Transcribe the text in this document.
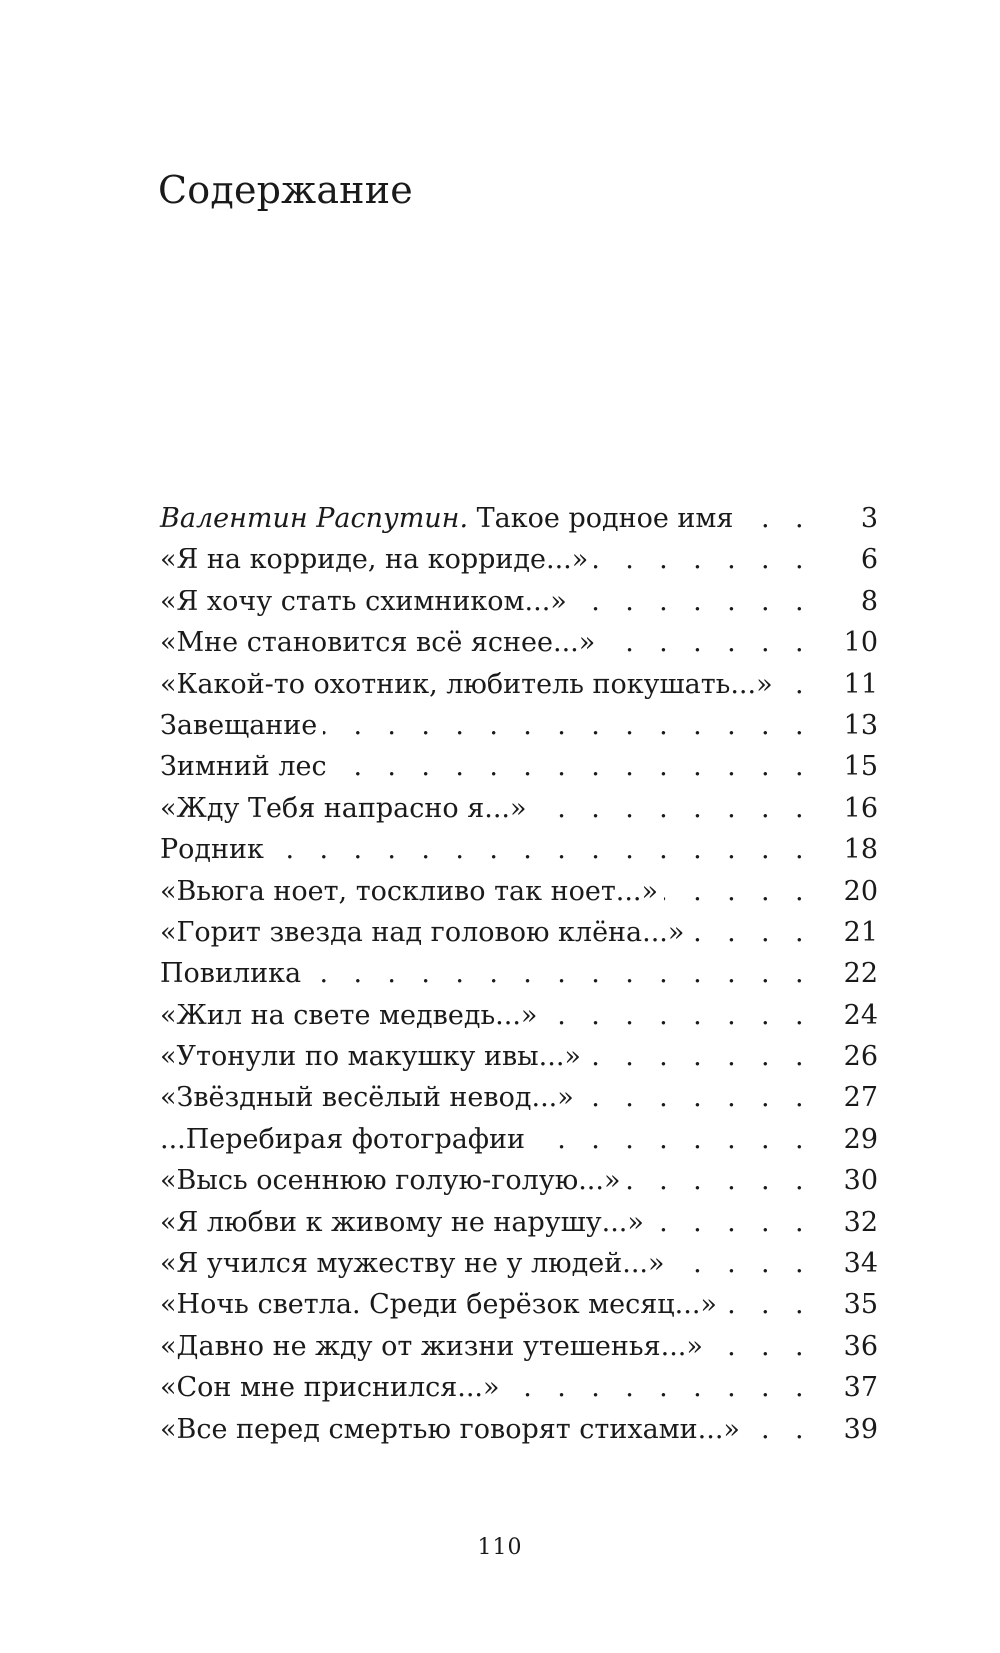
Содержание
Валентин Распутин. Такое родное имя . . .	3
«Я на корриде, на корриде...» . . .	6
«Я хочу стать схимником...» . . .	8
«Мне становится всё яснее...» . . .	10
«Какой-то охотник, любитель покушать...» . . .	11
Завещание . . .	13
Зимний лес . . .	15
«Жду Тебя напрасно я...» . . .	16
Родник . . .	18
«Вьюга ноет, тоскливо так ноет...» . . .	20
«Горит звезда над головою клёна...» . . .	21
Повилика . . .	22
«Жил на свете медведь...» . . .	24
«Утонули по макушку ивы...» . . .	26
«Звёздный весёлый невод...» . . .	27
...Перебирая фотографии . . .	29
«Высь осеннюю голую-голую...» . . .	30
«Я любви к живому не нарушу...» . . .	32
«Я учился мужеству не у людей...» . . .	34
«Ночь светла. Среди берёзок месяц...» . . .	35
«Давно не жду от жизни утешенья...» . . .	36
«Сон мне приснился...» . . .	37
«Все перед смертью говорят стихами...» . . .	39
110
